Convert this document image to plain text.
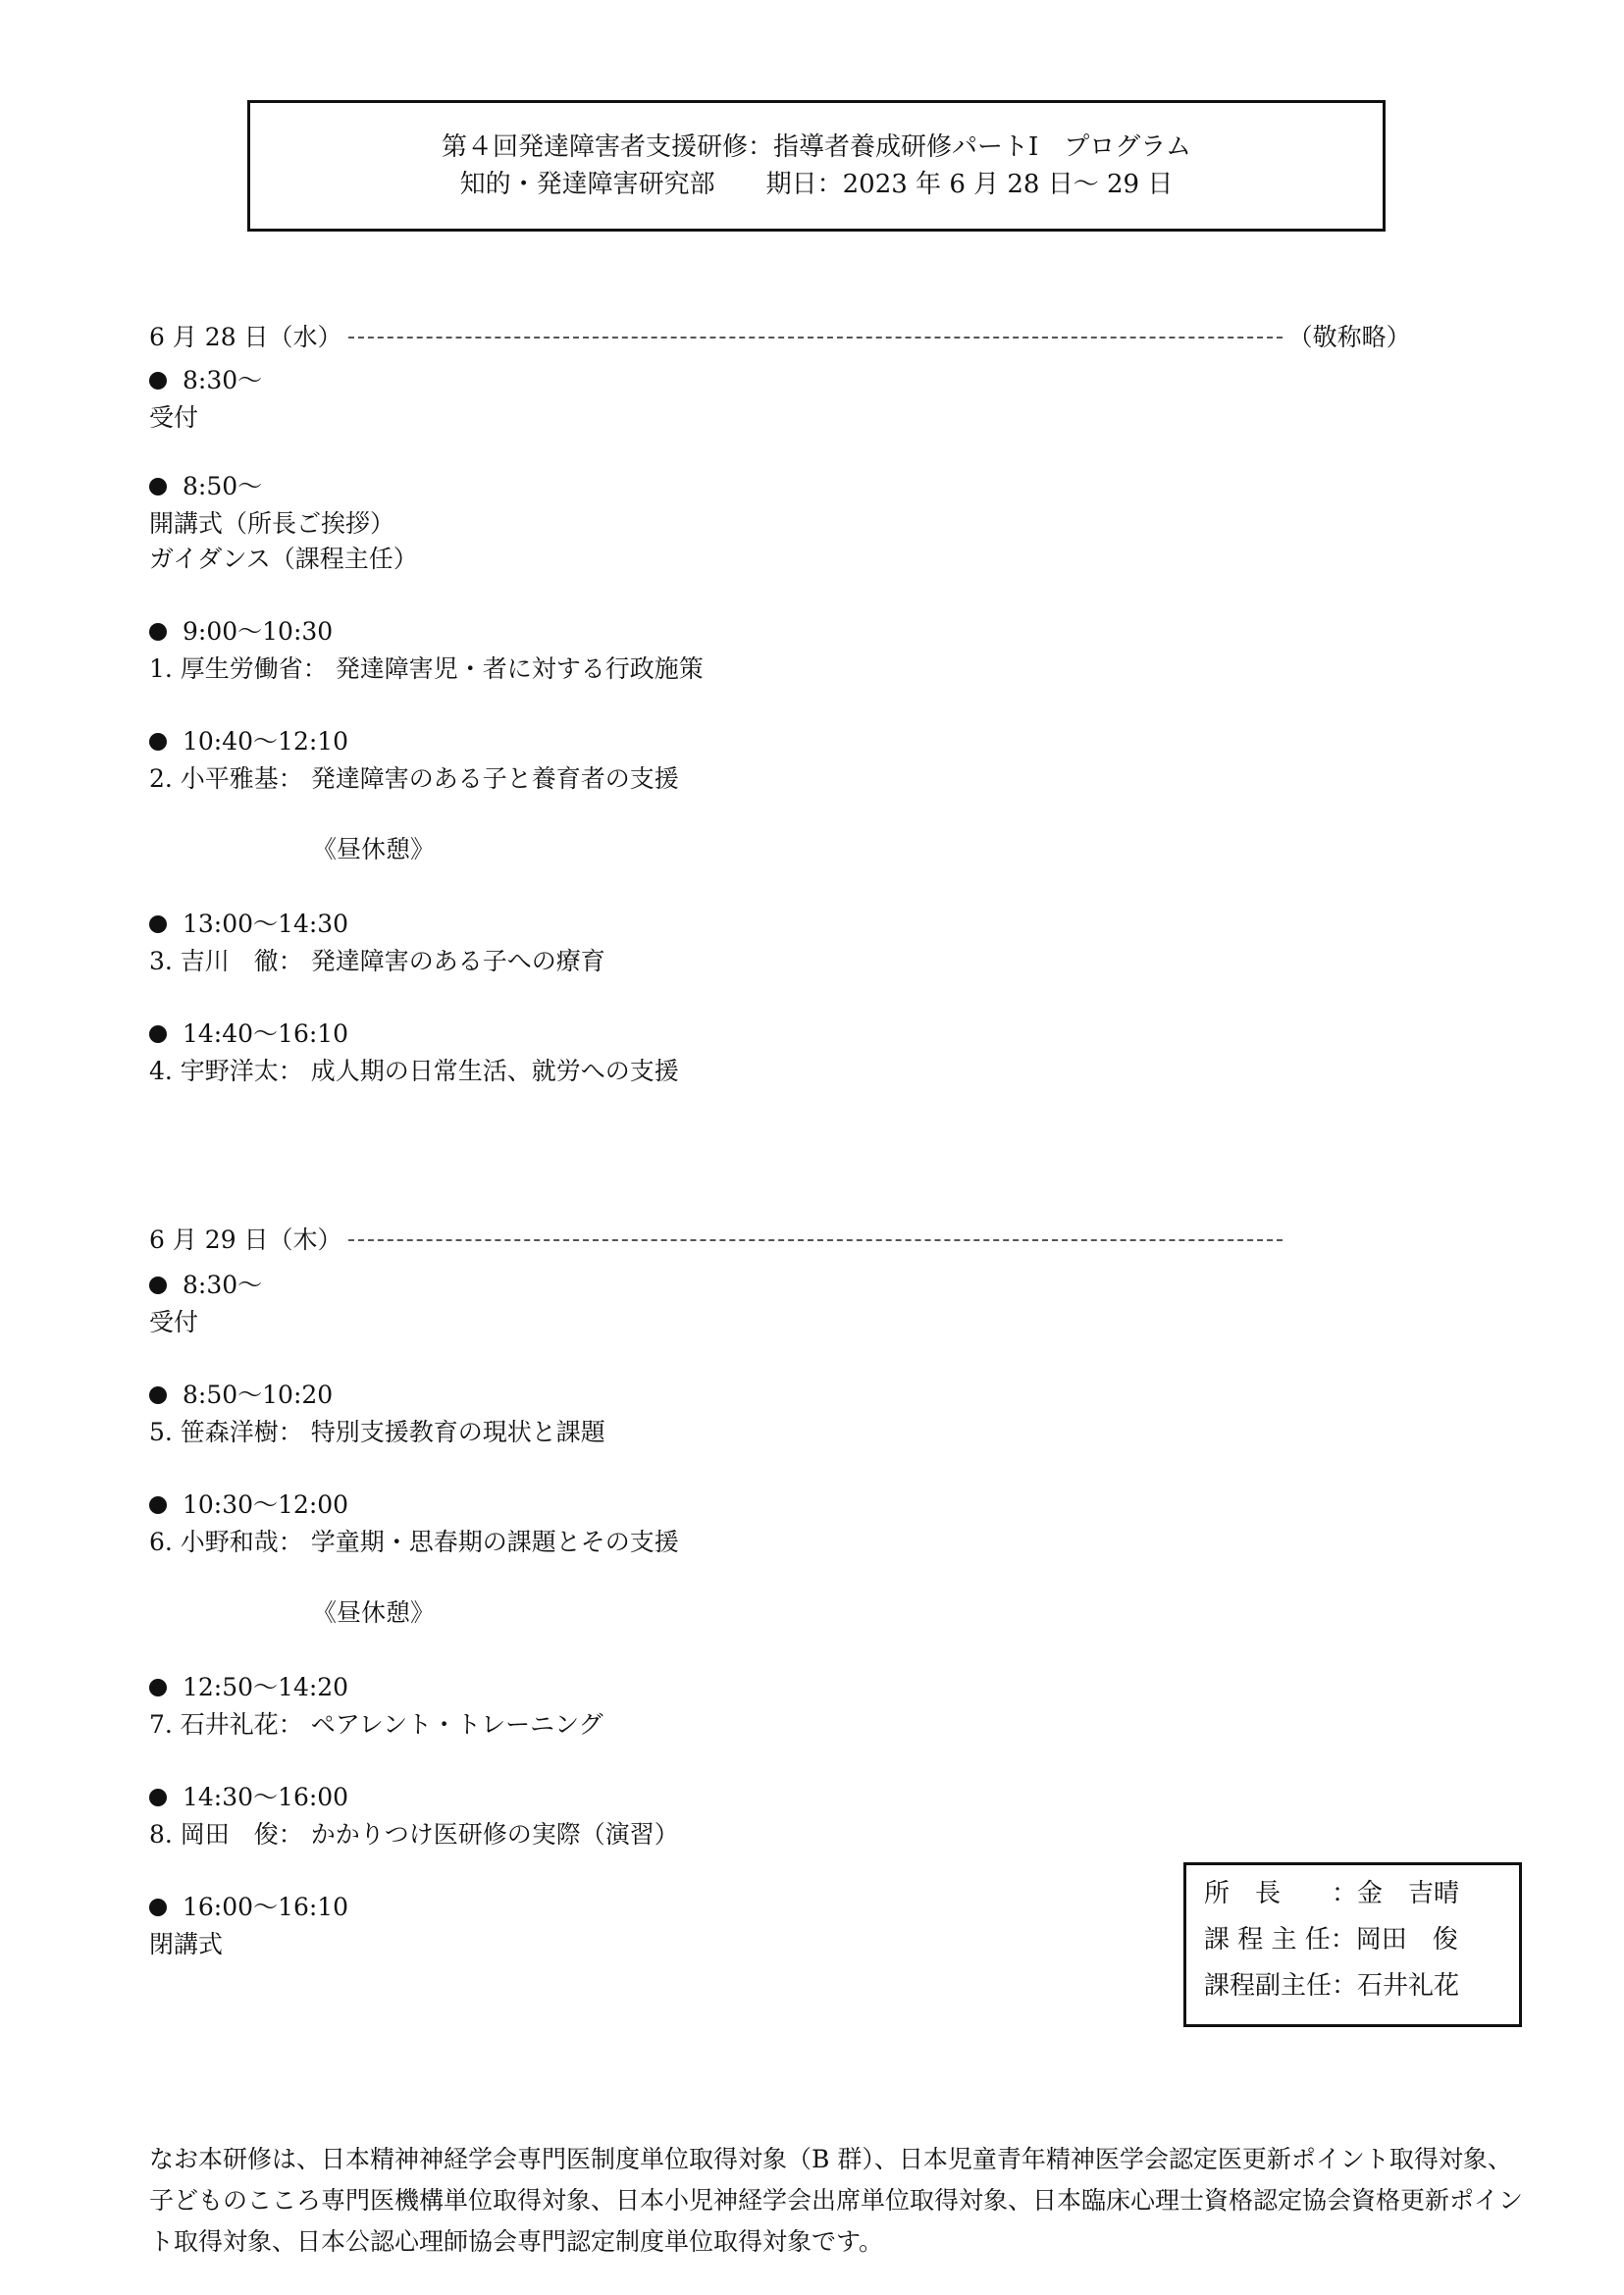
第４回発達障害者支援研修：指導者養成研修パートⅠ　プログラム
知的・発達障害研究部　　期日：2023 年 6 月 28 日～ 29 日
6 月 28 日（水）	（敬称略）
8:30～
受付
8:50～
開講式（所長ご挨拶）
ガイダンス（課程主任）
9:00～10:30
1. 厚生労働省： 発達障害児・者に対する行政施策
10:40～12:10
2. 小平雅基： 発達障害のある子と養育者の支援
《昼休憩》
13:00～14:30
3. 吉川　徹： 発達障害のある子への療育
14:40～16:10
4. 宇野洋太： 成人期の日常生活、就労への支援
6 月 29 日（木）
8:30～
受付
8:50～10:20
5. 笹森洋樹： 特別支援教育の現状と課題
10:30～12:00
6. 小野和哉： 学童期・思春期の課題とその支援
《昼休憩》
12:50～14:20
7. 石井礼花： ペアレント・トレーニング
14:30～16:00
8. 岡田　俊： かかりつけ医研修の実際（演習）
16:00～16:10
閉講式
所　長　　：金　吉晴
課 程 主 任：岡田　俊
課程副主任：石井礼花
なお本研修は、日本精神神経学会専門医制度単位取得対象（B 群）、日本児童青年精神医学会認定医更新ポイント取得対象、子どものこころ専門医機構単位取得対象、日本小児神経学会出席単位取得対象、日本臨床心理士資格認定協会資格更新ポイント取得対象、日本公認心理師協会専門認定制度単位取得対象です。
